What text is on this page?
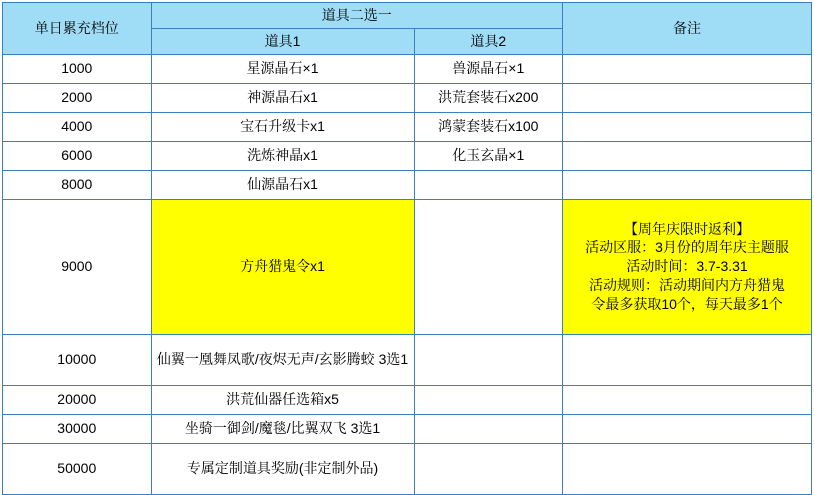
单日累充档位	道具二选一		备注
	道具1	道具2	
1000	星源晶石×1	兽源晶石×1	
2000	神源晶石x1	洪荒套装石x200	
4000	宝石升级卡x1	鸿蒙套装石x100	
6000	洗炼神晶x1	化玉玄晶×1	
8000	仙源晶石x1		
9000	方舟猎鬼令x1		【周年庆限时返利】
活动区服：3月份的周年庆主题服
活动时间：3.7-3.31
活动规则：活动期间内方舟猎鬼
令最多获取10个，每天最多1个

10000	仙翼一凰舞凤歌/夜烬无声/玄影腾蛟 3选1		
20000	洪荒仙器任选箱x5		
30000	坐骑一御剑/魔毯/比翼双飞 3选1		
50000	专属定制道具奖励(非定制外品)		
